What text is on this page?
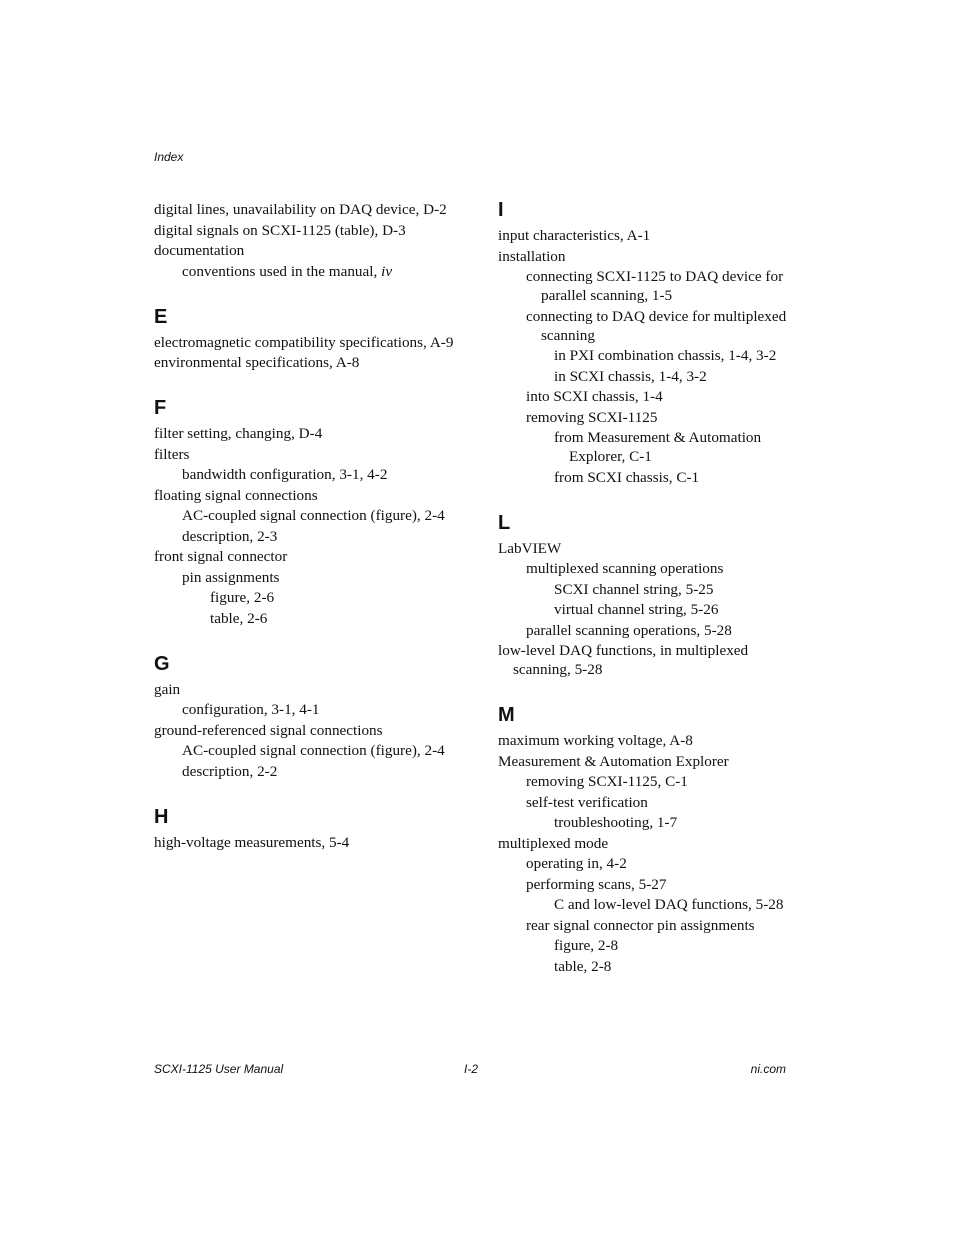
Index
digital lines, unavailability on DAQ device, D-2
digital signals on SCXI-1125 (table), D-3
documentation
conventions used in the manual, iv
E
electromagnetic compatibility specifications, A-9
environmental specifications, A-8
F
filter setting, changing, D-4
filters
bandwidth configuration, 3-1, 4-2
floating signal connections
AC-coupled signal connection (figure), 2-4
description, 2-3
front signal connector
pin assignments
figure, 2-6
table, 2-6
G
gain
configuration, 3-1, 4-1
ground-referenced signal connections
AC-coupled signal connection (figure), 2-4
description, 2-2
H
high-voltage measurements, 5-4
I
input characteristics, A-1
installation
connecting SCXI-1125 to DAQ device for parallel scanning, 1-5
connecting to DAQ device for multiplexed scanning
in PXI combination chassis, 1-4, 3-2
in SCXI chassis, 1-4, 3-2
into SCXI chassis, 1-4
removing SCXI-1125
from Measurement & Automation Explorer, C-1
from SCXI chassis, C-1
L
LabVIEW
multiplexed scanning operations
SCXI channel string, 5-25
virtual channel string, 5-26
parallel scanning operations, 5-28
low-level DAQ functions, in multiplexed scanning, 5-28
M
maximum working voltage, A-8
Measurement & Automation Explorer
removing SCXI-1125, C-1
self-test verification
troubleshooting, 1-7
multiplexed mode
operating in, 4-2
performing scans, 5-27
C and low-level DAQ functions, 5-28
rear signal connector pin assignments
figure, 2-8
table, 2-8
SCXI-1125 User Manual	I-2	ni.com
